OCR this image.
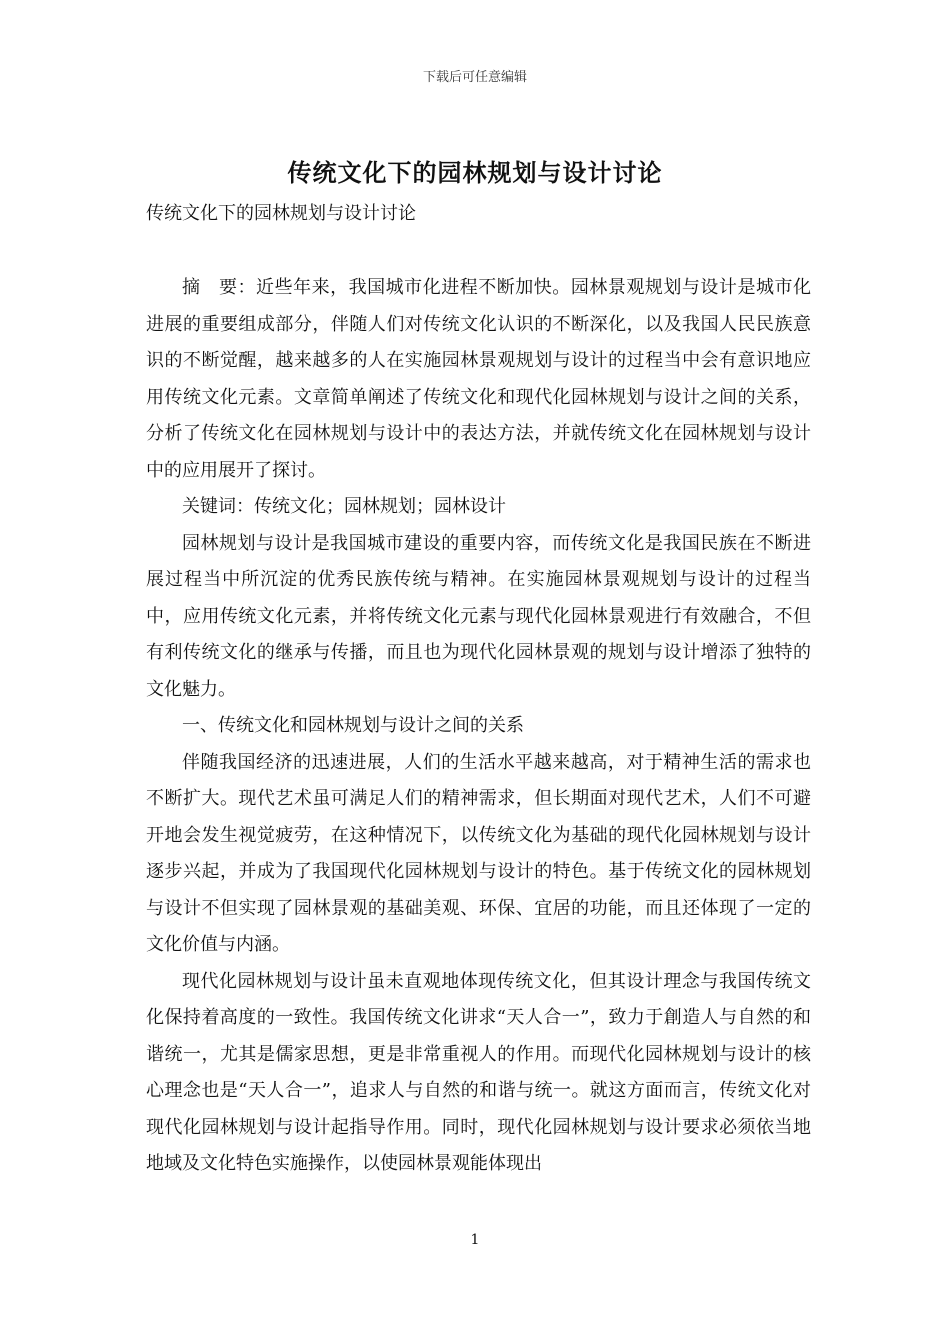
下载后可任意编辑
传统文化下的园林规划与设计讨论
传统文化下的园林规划与设计讨论

摘　要：近些年来，我国城市化进程不断加快。园林景观规划与设计是城市化进展的重要组成部分，伴随人们对传统文化认识的不断深化，以及我国人民民族意识的不断觉醒，越来越多的人在实施园林景观规划与设计的过程当中会有意识地应用传统文化元素。文章简单阐述了传统文化和现代化园林规划与设计之间的关系，分析了传统文化在园林规划与设计中的表达方法，并就传统文化在园林规划与设计中的应用展开了探讨。

关键词：传统文化；园林规划；园林设计

园林规划与设计是我国城市建设的重要内容，而传统文化是我国民族在不断进展过程当中所沉淀的优秀民族传统与精神。在实施园林景观规划与设计的过程当中，应用传统文化元素，并将传统文化元素与现代化园林景观进行有效融合，不但有利传统文化的继承与传播，而且也为现代化园林景观的规划与设计增添了独特的文化魅力。

一、传统文化和园林规划与设计之间的关系

伴随我国经济的迅速进展，人们的生活水平越来越高，对于精神生活的需求也不断扩大。现代艺术虽可满足人们的精神需求，但长期面对现代艺术，人们不可避开地会发生视觉疲劳，在这种情况下，以传统文化为基础的现代化园林规划与设计逐步兴起，并成为了我国现代化园林规划与设计的特色。基于传统文化的园林规划与设计不但实现了园林景观的基础美观、环保、宜居的功能，而且还体现了一定的文化价值与内涵。

现代化园林规划与设计虽未直观地体现传统文化，但其设计理念与我国传统文化保持着高度的一致性。我国传统文化讲求“天人合一”，致力于創造人与自然的和谐统一，尤其是儒家思想，更是非常重视人的作用。而现代化园林规划与设计的核心理念也是“天人合一”，追求人与自然的和谐与统一。就这方面而言，传统文化对现代化园林规划与设计起指导作用。同时，现代化园林规划与设计要求必须依当地地域及文化特色实施操作，以使园林景观能体现出

1
